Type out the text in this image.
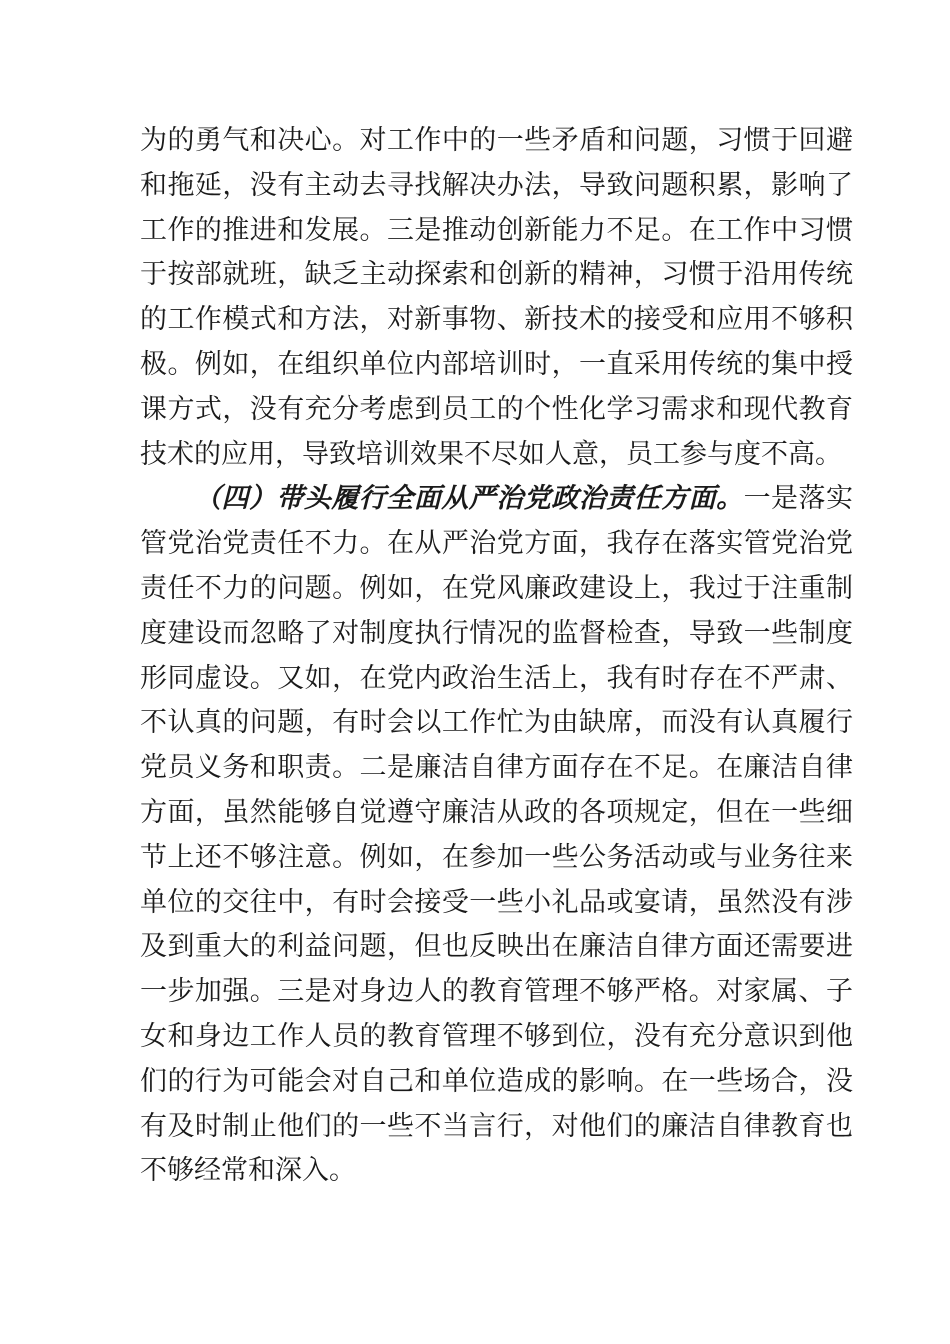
为的勇气和决心。对工作中的一些矛盾和问题，习惯于回避和拖延，没有主动去寻找解决办法，导致问题积累，影响了工作的推进和发展。三是推动创新能力不足。在工作中习惯于按部就班，缺乏主动探索和创新的精神，习惯于沿用传统的工作模式和方法，对新事物、新技术的接受和应用不够积极。例如，在组织单位内部培训时，一直采用传统的集中授课方式，没有充分考虑到员工的个性化学习需求和现代教育技术的应用，导致培训效果不尽如人意，员工参与度不高。

（四）带头履行全面从严治党政治责任方面。一是落实管党治党责任不力。在从严治党方面，我存在落实管党治党责任不力的问题。例如，在党风廉政建设上，我过于注重制度建设而忽略了对制度执行情况的监督检查，导致一些制度形同虚设。又如，在党内政治生活上，我有时存在不严肃、不认真的问题，有时会以工作忙为由缺席，而没有认真履行党员义务和职责。二是廉洁自律方面存在不足。在廉洁自律方面，虽然能够自觉遵守廉洁从政的各项规定，但在一些细节上还不够注意。例如，在参加一些公务活动或与业务往来单位的交往中，有时会接受一些小礼品或宴请，虽然没有涉及到重大的利益问题，但也反映出在廉洁自律方面还需要进一步加强。三是对身边人的教育管理不够严格。对家属、子女和身边工作人员的教育管理不够到位，没有充分意识到他们的行为可能会对自己和单位造成的影响。在一些场合，没有及时制止他们的一些不当言行，对他们的廉洁自律教育也不够经常和深入。
